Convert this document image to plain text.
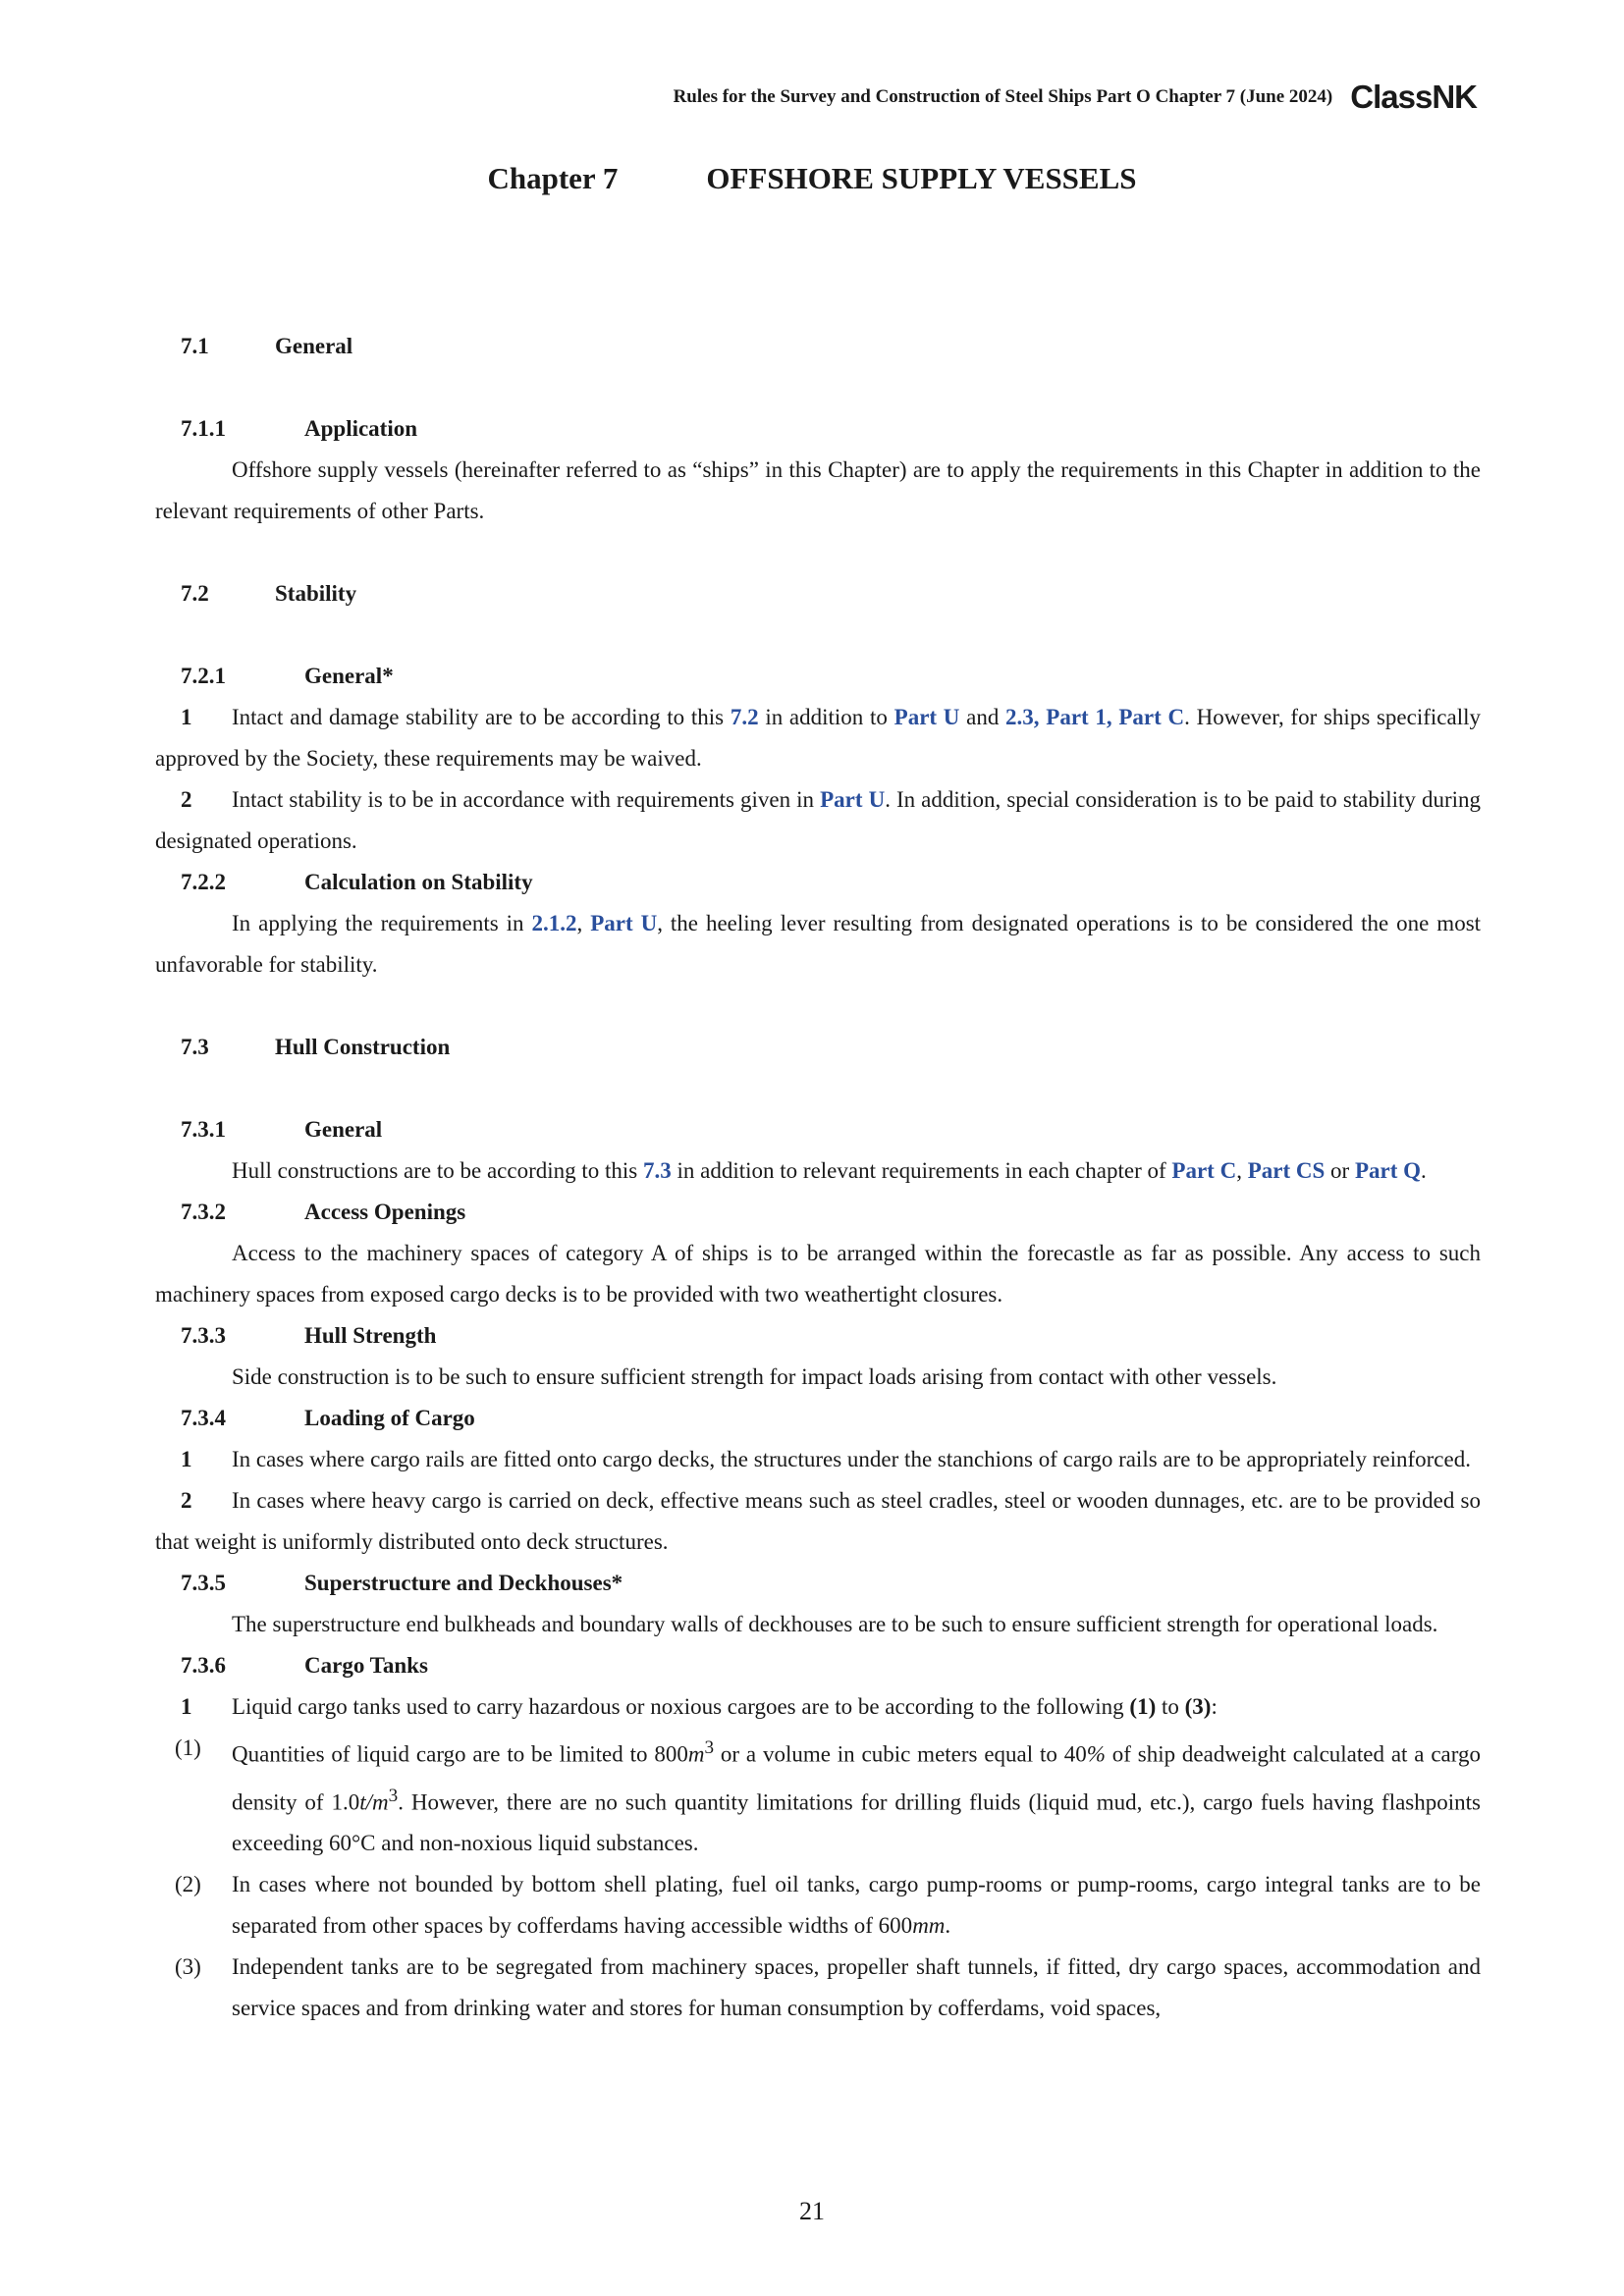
Rules for the Survey and Construction of Steel Ships Part O Chapter 7 (June 2024) ClassNK
Chapter 7	OFFSHORE SUPPLY VESSELS
7.1	General
7.1.1	Application
Offshore supply vessels (hereinafter referred to as “ships” in this Chapter) are to apply the requirements in this Chapter in addition to the relevant requirements of other Parts.
7.2	Stability
7.2.1	General*
1 Intact and damage stability are to be according to this 7.2 in addition to Part U and 2.3, Part 1, Part C. However, for ships specifically approved by the Society, these requirements may be waived.
2 Intact stability is to be in accordance with requirements given in Part U. In addition, special consideration is to be paid to stability during designated operations.
7.2.2	Calculation on Stability
In applying the requirements in 2.1.2, Part U, the heeling lever resulting from designated operations is to be considered the one most unfavorable for stability.
7.3	Hull Construction
7.3.1	General
Hull constructions are to be according to this 7.3 in addition to relevant requirements in each chapter of Part C, Part CS or Part Q.
7.3.2	Access Openings
Access to the machinery spaces of category A of ships is to be arranged within the forecastle as far as possible. Any access to such machinery spaces from exposed cargo decks is to be provided with two weathertight closures.
7.3.3	Hull Strength
Side construction is to be such to ensure sufficient strength for impact loads arising from contact with other vessels.
7.3.4	Loading of Cargo
1 In cases where cargo rails are fitted onto cargo decks, the structures under the stanchions of cargo rails are to be appropriately reinforced.
2 In cases where heavy cargo is carried on deck, effective means such as steel cradles, steel or wooden dunnages, etc. are to be provided so that weight is uniformly distributed onto deck structures.
7.3.5	Superstructure and Deckhouses*
The superstructure end bulkheads and boundary walls of deckhouses are to be such to ensure sufficient strength for operational loads.
7.3.6	Cargo Tanks
1 Liquid cargo tanks used to carry hazardous or noxious cargoes are to be according to the following (1) to (3):
(1)	Quantities of liquid cargo are to be limited to $800m^3$ or a volume in cubic meters equal to 40% of ship deadweight calculated at a cargo density of $1.0t/m^3$. However, there are no such quantity limitations for drilling fluids (liquid mud, etc.), cargo fuels having flashpoints exceeding 60°C and non-noxious liquid substances.
(2)	In cases where not bounded by bottom shell plating, fuel oil tanks, cargo pump-rooms or pump-rooms, cargo integral tanks are to be separated from other spaces by cofferdams having accessible widths of 600mm.
(3)	Independent tanks are to be segregated from machinery spaces, propeller shaft tunnels, if fitted, dry cargo spaces, accommodation and service spaces and from drinking water and stores for human consumption by cofferdams, void spaces,
21
